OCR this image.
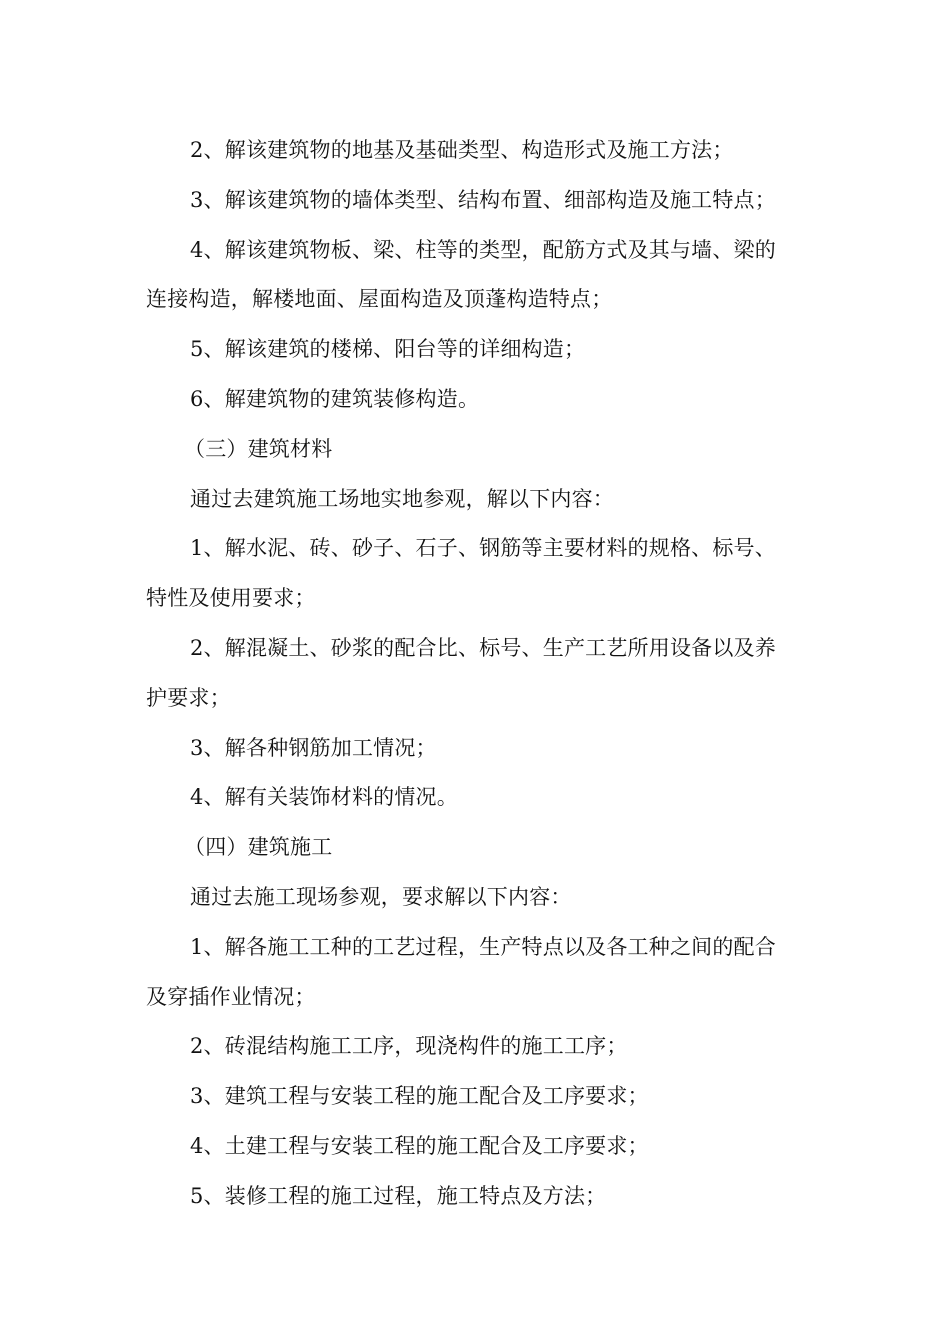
2、解该建筑物的地基及基础类型、构造形式及施工方法；
3、解该建筑物的墙体类型、结构布置、细部构造及施工特点；
4、解该建筑物板、梁、柱等的类型，配筋方式及其与墙、梁的
连接构造，解楼地面、屋面构造及顶蓬构造特点；
5、解该建筑的楼梯、阳台等的详细构造；
6、解建筑物的建筑装修构造。
（三）建筑材料
通过去建筑施工场地实地参观，解以下内容：
1、解水泥、砖、砂子、石子、钢筋等主要材料的规格、标号、
特性及使用要求；
2、解混凝土、砂浆的配合比、标号、生产工艺所用设备以及养
护要求；
3、解各种钢筋加工情况；
4、解有关装饰材料的情况。
（四）建筑施工
通过去施工现场参观，要求解以下内容：
1、解各施工工种的工艺过程，生产特点以及各工种之间的配合
及穿插作业情况；
2、砖混结构施工工序，现浇构件的施工工序；
3、建筑工程与安装工程的施工配合及工序要求；
4、土建工程与安装工程的施工配合及工序要求；
5、装修工程的施工过程，施工特点及方法；
